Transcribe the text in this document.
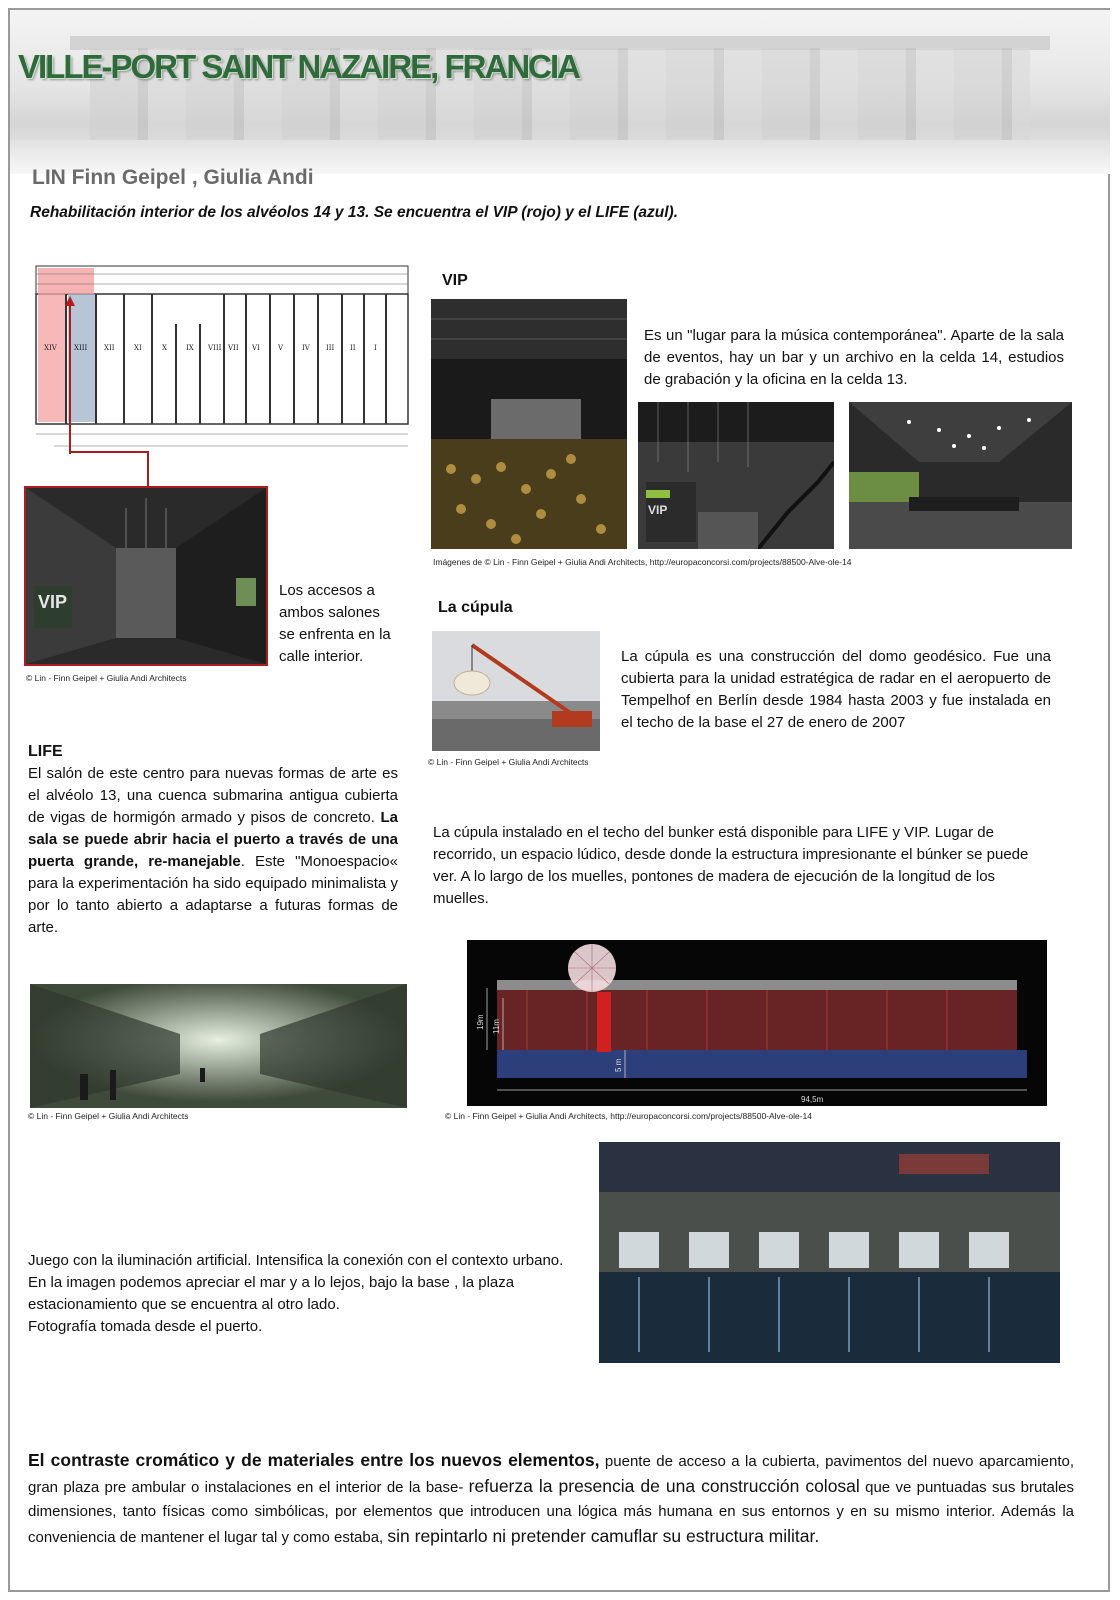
VILLE-PORT SAINT NAZAIRE, FRANCIA
LIN Finn Geipel , Giulia Andi
Rehabilitación interior de los alvéolos 14 y 13. Se encuentra el VIP (rojo) y el LIFE (azul).
XIV XIII XII	XI	X	IX VIII VII VI	V	IV III II	I
VIP
© Lin - Finn Geipel + Giulia Andi Architects
Los accesos a ambos salones se enfrenta en la calle interior.
VIP
Es un "lugar para la música contemporánea". Aparte de la sala de eventos, hay un bar y un archivo en la celda 14, estudios de grabación y la oficina en la celda 13.
VIP
Imágenes de © Lin - Finn Geipel + Giulia Andi Architects, http://europaconcorsi.com/projects/88500-Alve-ole-14
La cúpula
© Lin - Finn Geipel + Giulia Andi Architects
La cúpula es una construcción del domo geodésico. Fue una cubierta para la unidad estratégica de radar en el aeropuerto de Tempelhof en Berlín desde 1984 hasta 2003 y fue instalada en el techo de la base el 27 de enero de 2007
La cúpula instalado en el techo del bunker está disponible para LIFE y VIP. Lugar de recorrido, un espacio lúdico, desde donde la estructura impresionante el búnker se puede ver. A lo largo de los muelles, pontones de madera de ejecución de la longitud de los muelles.
LIFE
El salón de este centro para nuevas formas de arte es el alvéolo 13, una cuenca submarina antigua cubierta de vigas de hormigón armado y pisos de concreto. La sala se puede abrir hacia el puerto a través de una puerta grande, re-manejable. Este "Monoespacio« para la experimentación ha sido equipado minimalista y por lo tanto abierto a adaptarse a futuras formas de arte.
© Lin - Finn Geipel + Giulia Andi Architects
19m 11m
5 m
94,5m
© Lin - Finn Geipel + Giulia Andi Architects, http://europaconcorsi.com/projects/88500-Alve-ole-14
Juego con la iluminación artificial. Intensifica la conexión con el contexto urbano.
En la imagen podemos apreciar el mar y a lo lejos, bajo la base , la plaza estacionamiento que se encuentra al otro lado.
Fotografía tomada desde el puerto.
El contraste cromático y de materiales entre los nuevos elementos, puente de acceso a la cubierta, pavimentos del nuevo aparcamiento, gran plaza pre ambular o instalaciones en el interior de la base- refuerza la presencia de una construcción colosal que ve puntuadas sus brutales dimensiones, tanto físicas como simbólicas, por elementos que introducen una lógica más humana en sus entornos y en su mismo interior. Además la conveniencia de mantener el lugar tal y como estaba, sin repintarlo ni pretender camuflar su estructura militar.
